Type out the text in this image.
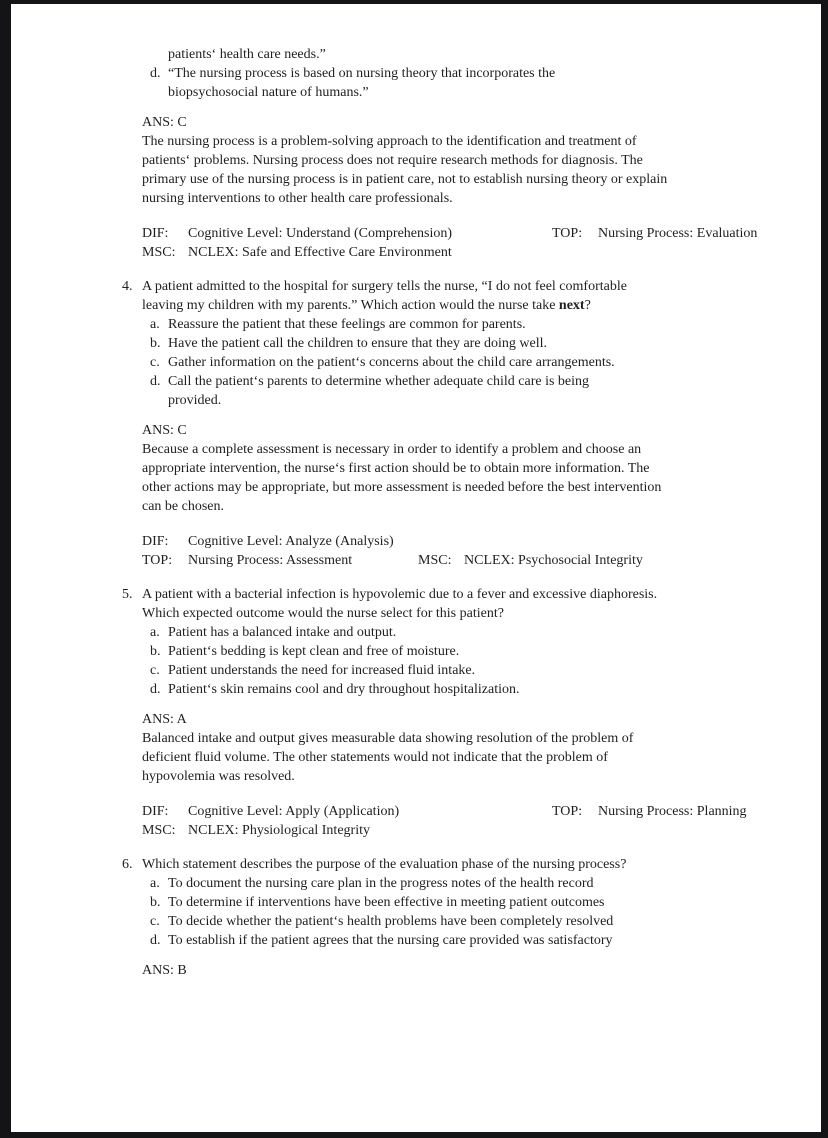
patients‘ health care needs.”
d. “The nursing process is based on nursing theory that incorporates the
biopsychosocial nature of humans.”
ANS: C
The nursing process is a problem-solving approach to the identification and treatment of
patients‘ problems. Nursing process does not require research methods for diagnosis. The
primary use of the nursing process is in patient care, not to establish nursing theory or explain
nursing interventions to other health care professionals.
DIF: Cognitive Level: Understand (Comprehension)	TOP: Nursing Process: Evaluation
MSC: NCLEX: Safe and Effective Care Environment
4. A patient admitted to the hospital for surgery tells the nurse, “I do not feel comfortable
leaving my children with my parents.” Which action would the nurse take next?
a. Reassure the patient that these feelings are common for parents.
b. Have the patient call the children to ensure that they are doing well.
c. Gather information on the patient‘s concerns about the child care arrangements.
d. Call the patient‘s parents to determine whether adequate child care is being
provided.
ANS: C
Because a complete assessment is necessary in order to identify a problem and choose an
appropriate intervention, the nurse‘s first action should be to obtain more information. The
other actions may be appropriate, but more assessment is needed before the best intervention
can be chosen.
DIF: Cognitive Level: Analyze (Analysis)
TOP: Nursing Process: Assessment	MSC: NCLEX: Psychosocial Integrity
5. A patient with a bacterial infection is hypovolemic due to a fever and excessive diaphoresis.
Which expected outcome would the nurse select for this patient?
a. Patient has a balanced intake and output.
b. Patient‘s bedding is kept clean and free of moisture.
c. Patient understands the need for increased fluid intake.
d. Patient‘s skin remains cool and dry throughout hospitalization.
ANS: A
Balanced intake and output gives measurable data showing resolution of the problem of
deficient fluid volume. The other statements would not indicate that the problem of
hypovolemia was resolved.
DIF: Cognitive Level: Apply (Application)	TOP: Nursing Process: Planning
MSC: NCLEX: Physiological Integrity
6. Which statement describes the purpose of the evaluation phase of the nursing process?
a. To document the nursing care plan in the progress notes of the health record
b. To determine if interventions have been effective in meeting patient outcomes
c. To decide whether the patient‘s health problems have been completely resolved
d. To establish if the patient agrees that the nursing care provided was satisfactory
ANS: B
